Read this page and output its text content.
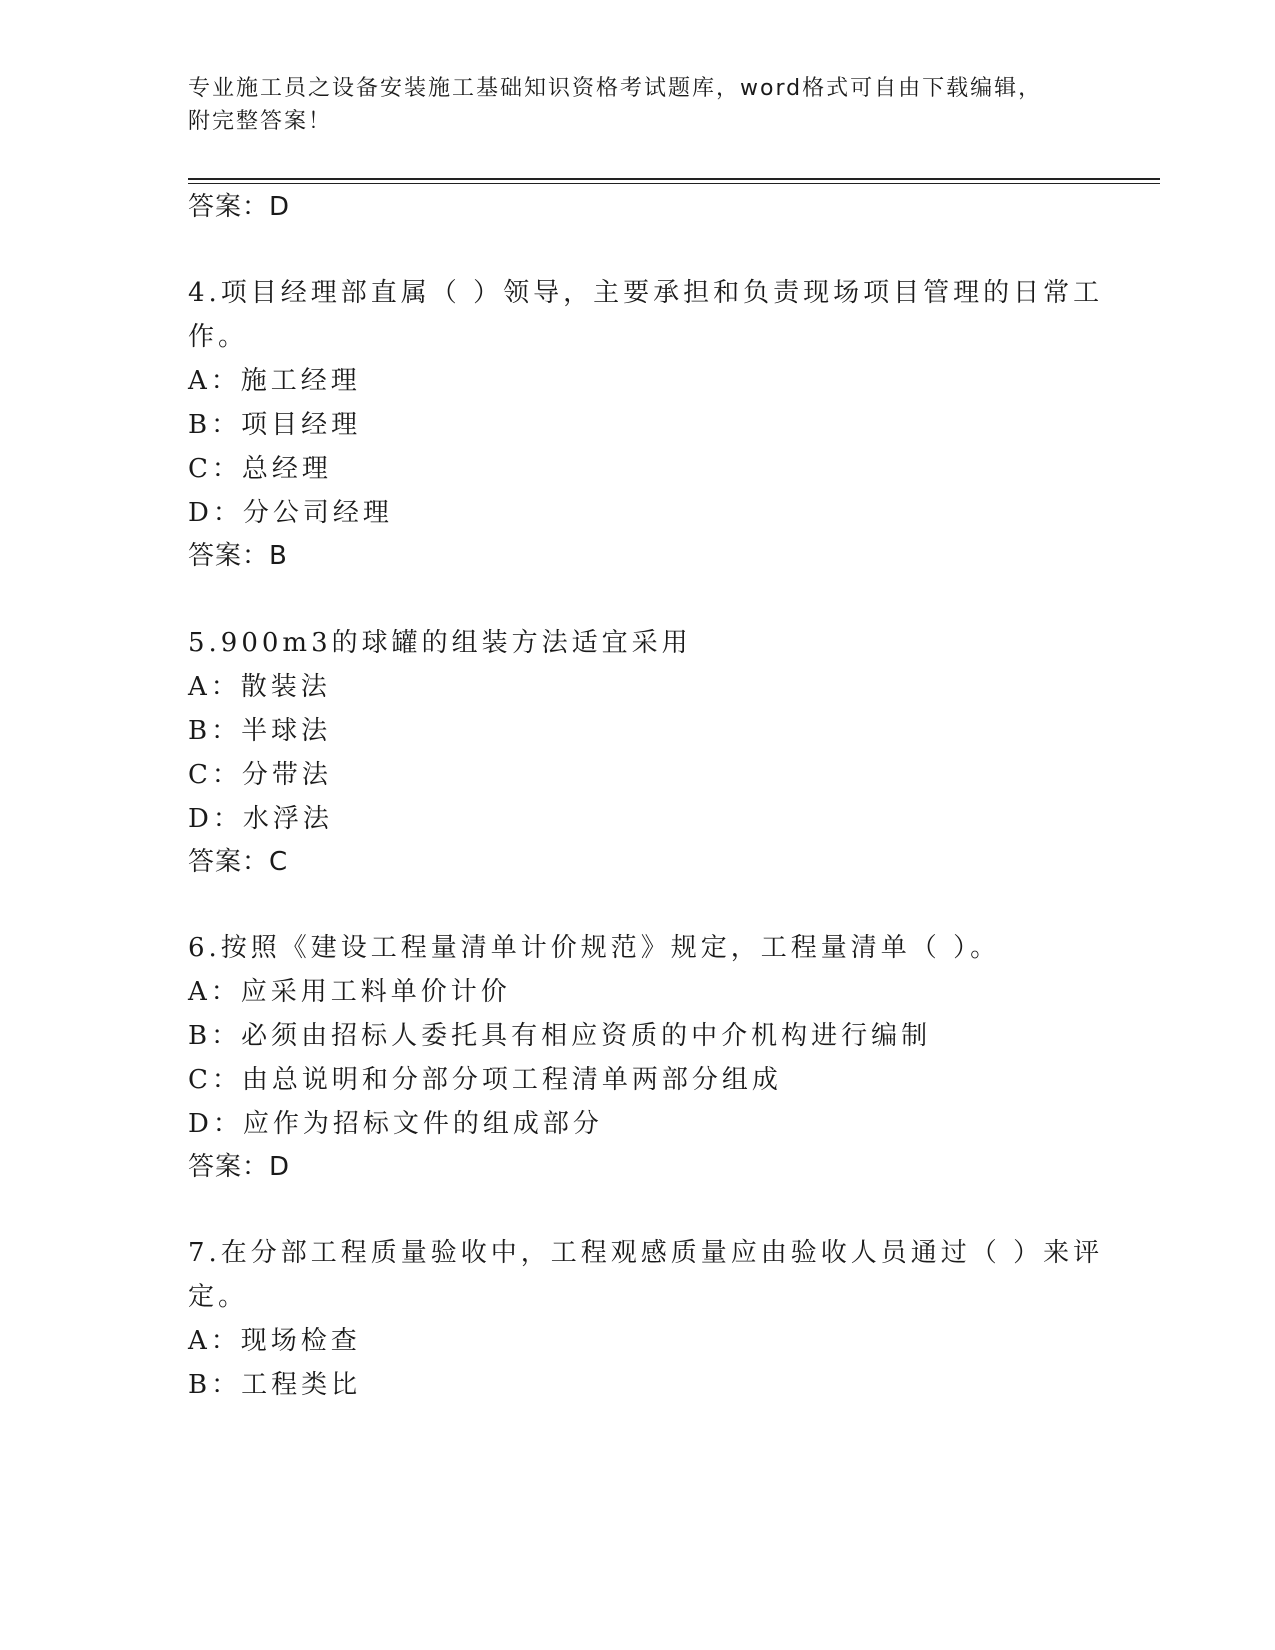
专业施工员之设备安装施工基础知识资格考试题库，word格式可自由下载编辑，
附完整答案！
答案：D
4.项目经理部直属（ ）领导，主要承担和负责现场项目管理的日常工
作。
A：施工经理
B：项目经理
C：总经理
D：分公司经理
答案：B
5.900m3的球罐的组装方法适宜采用
A：散装法
B：半球法
C：分带法
D：水浮法
答案：C
6.按照《建设工程量清单计价规范》规定，工程量清单（ ）。
A：应采用工料单价计价
B：必须由招标人委托具有相应资质的中介机构进行编制
C：由总说明和分部分项工程清单两部分组成
D：应作为招标文件的组成部分
答案：D
7.在分部工程质量验收中，工程观感质量应由验收人员通过（ ）来评
定。
A：现场检查
B：工程类比
